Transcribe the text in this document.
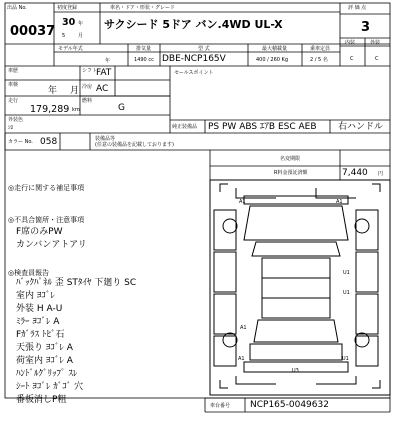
出品 No.
00037
初度登録	車名・ドア・形状・グレード
30 年
5	月
サクシード 5ドア バン.4WD UL-X
評 価 点
3
内装	外装
C	C
モデル年式
年
排気量
1490 cc
型 式
DBE-NCP165V
最大積載量
400 / 260 Kg
乗車定員
2 / 5 名
車歴	シフト
FAT
冷房 AC
車検
年 月
走行
179,289 km
燃料
G
外装色
ｼﾛ
カラー No. 058
セールスポイント
純正装備品 PS PW ABS ｴｱB ESC AEB 右ハンドル
装備品等
(任意の装備品を記載しております)
名変期限
R料金預託済額	7,440 円
◎走行に関する補足事項
◎不具合箇所・注意事項
F席のみPW
カンバンアトアリ
◎検査員報告
ﾊﾞｯｸﾊﾟﾈﾙ 歪 STﾀｲﾔ 下廻り SC
室内 ﾖｺﾞﾚ
外装 H A-U
ﾐﾗｰ ﾖｺﾞﾚ A
Fｶﾞﾗｽ ﾄﾋﾞ石
天張り ﾖｺﾞﾚ A
荷室内 ﾖｺﾞﾚ A
ﾊﾝﾄﾞﾙｸﾞﾘｯﾌﾟ ｽﾚ
ｼｰﾄ ﾖｺﾞﾚ ｶﾞｺﾞ 穴
番板消しP粗
A1	A1
U1
U1
A1
U3
A1	U1
車台番号 NCP165-0049632
